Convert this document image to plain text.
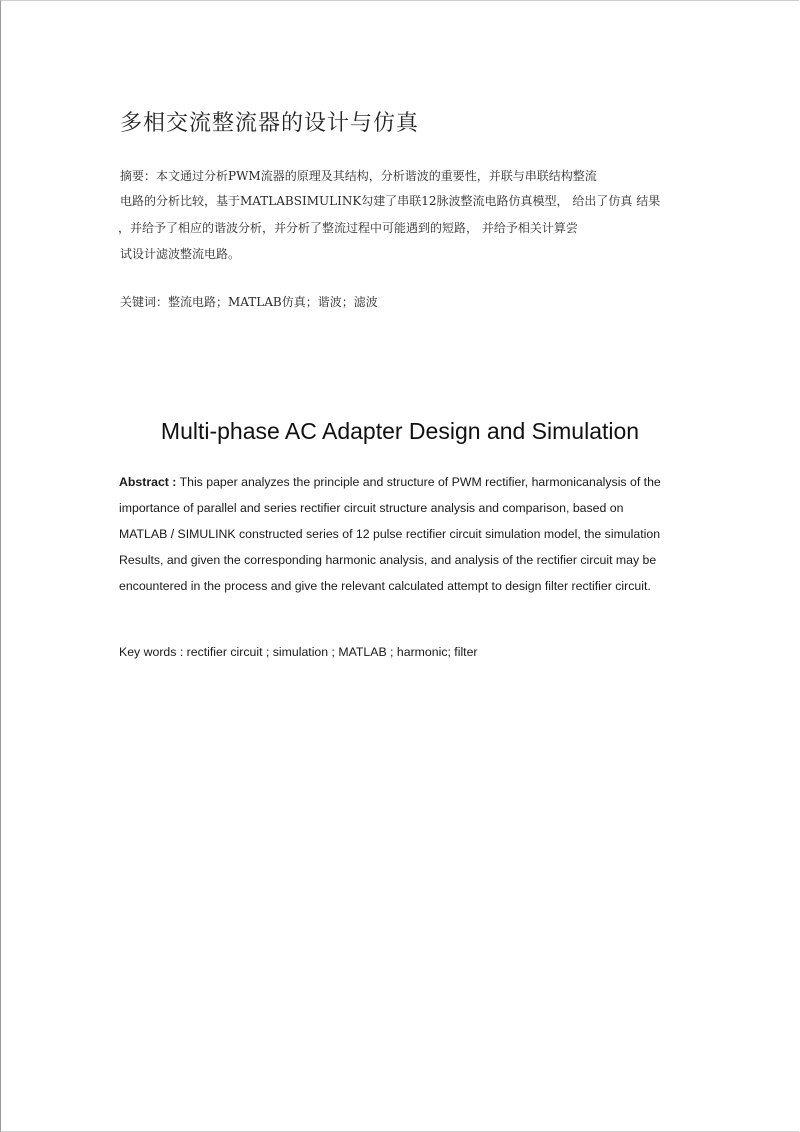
多相交流整流器的设计与仿真
摘要：本文通过分析PWM流器的原理及其结构，分析谐波的重要性，并联与串联结构整流
电路的分析比较，基于MATLABSIMULINK勾建了串联12脉波整流电路仿真模型， 给出了仿真 结果
，并给予了相应的谐波分析，并分析了整流过程中可能遇到的短路， 并给予相关计算尝
试设计滤波整流电路。
关键词：整流电路；MATLAB仿真；谐波；滤波
Multi-phase AC Adapter Design and Simulation
Abstract : This paper analyzes the principle and structure of PWM rectifier, harmonicanalysis of the
importance of parallel and series rectifier circuit structure analysis and comparison, based on
MATLAB / SIMULINK constructed series of 12 pulse rectifier circuit simulation model, the simulation
Results, and given the corresponding harmonic analysis, and analysis of the rectifier circuit may be
encountered in the process and give the relevant calculated attempt to design filter rectifier circuit.
Key words : rectifier circuit ; simulation ; MATLAB ; harmonic; filter
